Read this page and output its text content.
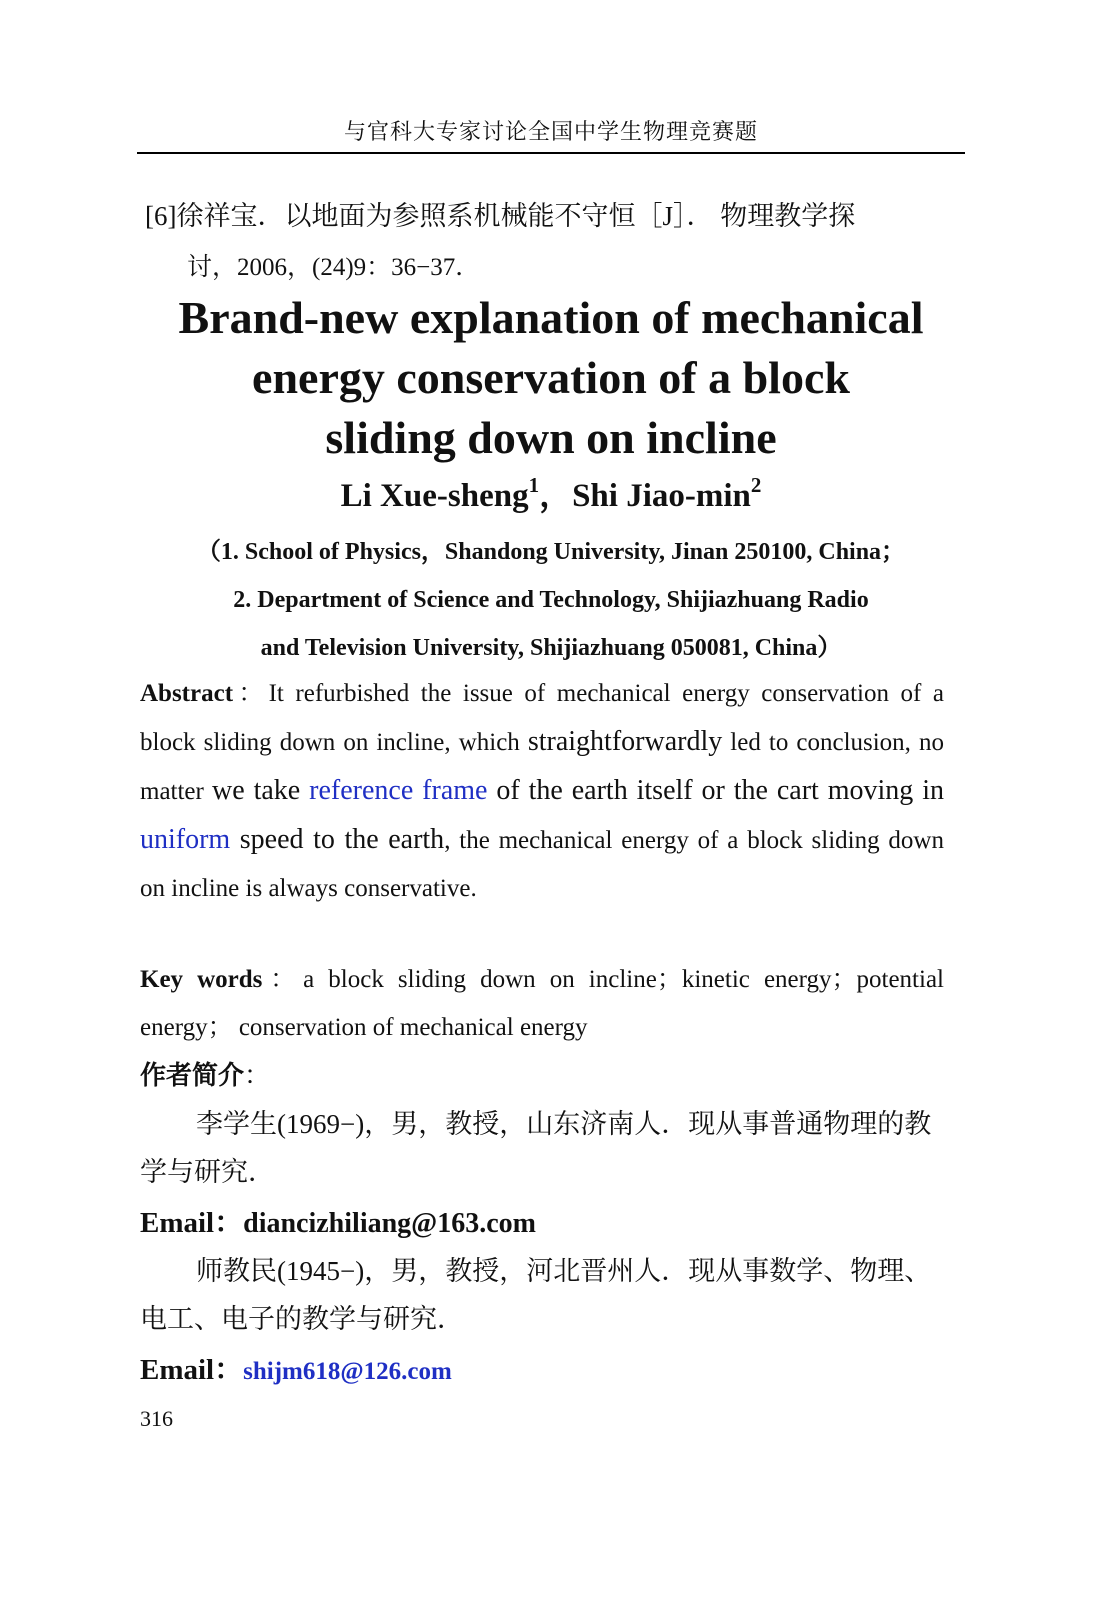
与官科大专家讨论全国中学生物理竞赛题
[6]徐祥宝．以地面为参照系机械能不守恒［J］． 物理教学探
讨，2006，(24)9：36−37．
Brand-new explanation of mechanical
energy conservation of a block
sliding down on incline
Li Xue-sheng$^1$，Shi Jiao-$\min^2$
（1. School of Physics，Shandong University, Jinan 250100, China；
2. Department of Science and Technology, Shijiazhuang Radio
and Television University, Shijiazhuang 050081, China）

Abstract：It refurbished the issue of mechanical energy conservation of a block sliding down on incline, which straightforwardly led to conclusion, no matter we take reference frame of the earth itself or the cart moving in uniform speed to the earth, the mechanical energy of a block sliding down on incline is always conservative.

Key words：a block sliding down on incline；kinetic energy；potential energy； conservation of mechanical energy

作者简介：

李学生(1969−)，男，教授，山东济南人．现从事普通物理的教学与研究．

Email：diancizhiliang@163.com

师教民(1945−)，男，教授，河北晋州人．现从事数学、物理、电工、电子的教学与研究．

Email：shijm618@126.com
316
